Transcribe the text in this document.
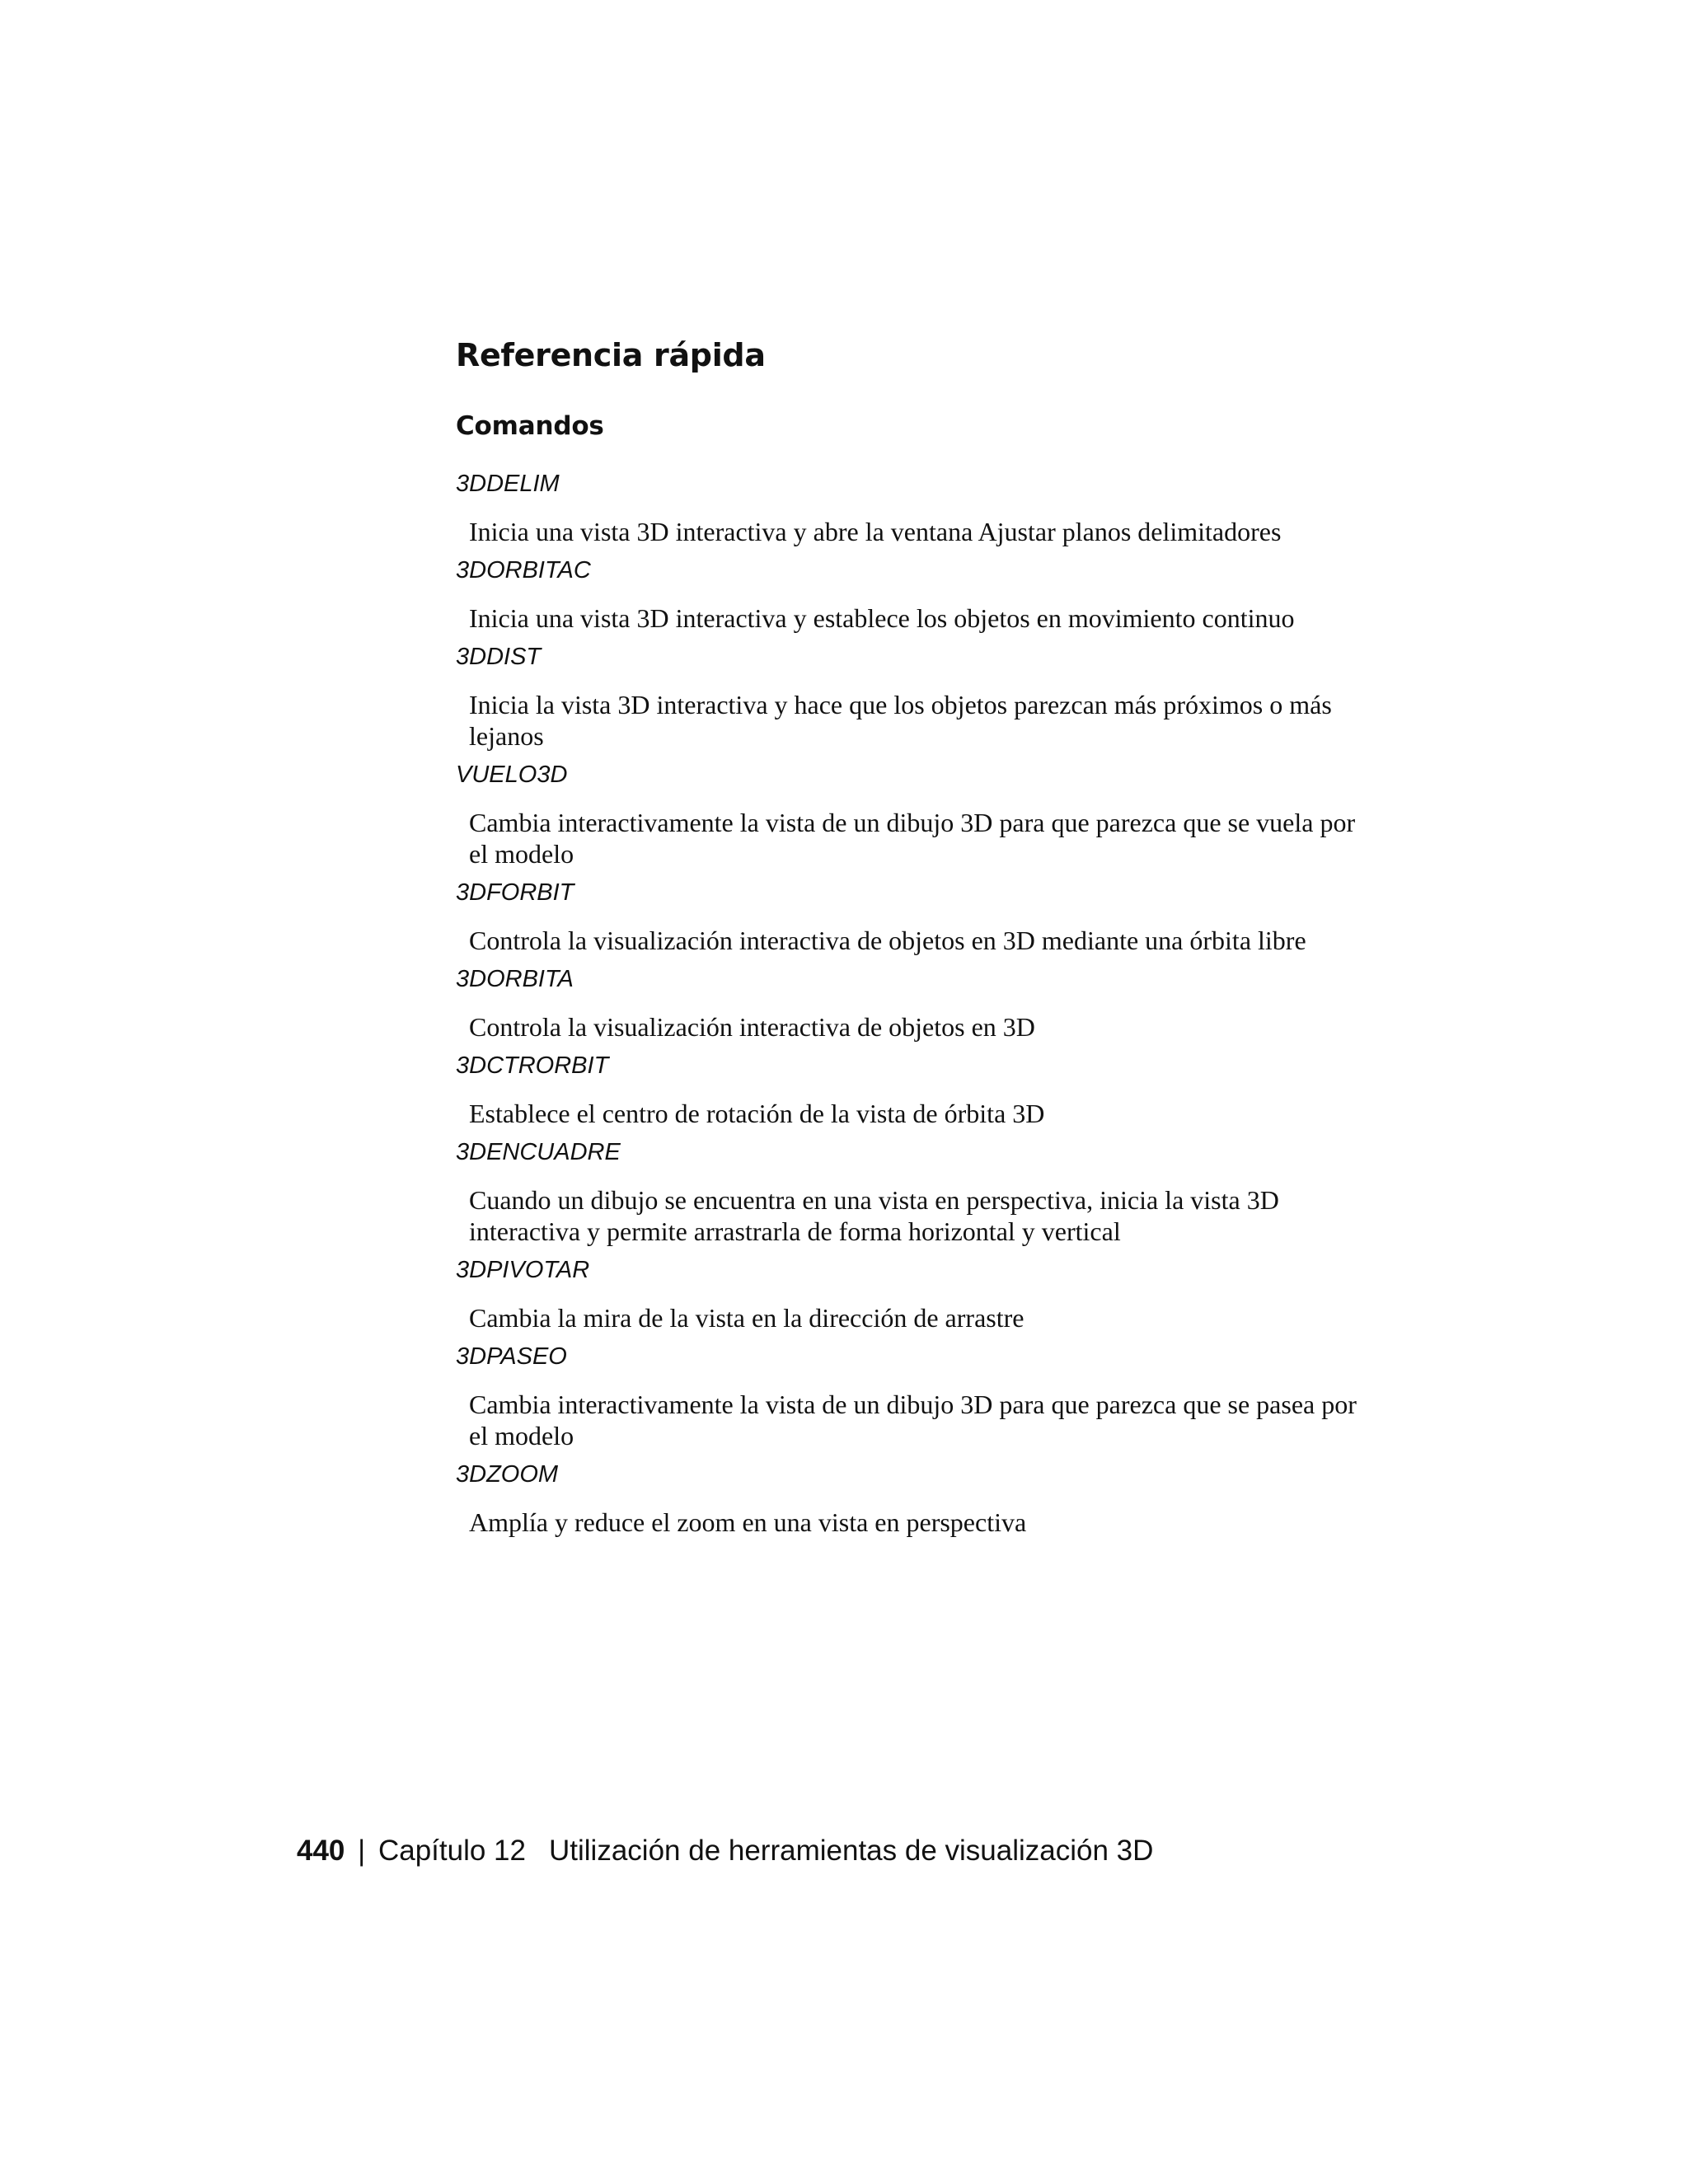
Referencia rápida
Comandos
3DDELIM
Inicia una vista 3D interactiva y abre la ventana Ajustar planos delimitadores
3DORBITAC
Inicia una vista 3D interactiva y establece los objetos en movimiento continuo
3DDIST
Inicia la vista 3D interactiva y hace que los objetos parezcan más próximos o más lejanos
VUELO3D
Cambia interactivamente la vista de un dibujo 3D para que parezca que se vuela por el modelo
3DFORBIT
Controla la visualización interactiva de objetos en 3D mediante una órbita libre
3DORBITA
Controla la visualización interactiva de objetos en 3D
3DCTRORBIT
Establece el centro de rotación de la vista de órbita 3D
3DENCUADRE
Cuando un dibujo se encuentra en una vista en perspectiva, inicia la vista 3D interactiva y permite arrastrarla de forma horizontal y vertical
3DPIVOTAR
Cambia la mira de la vista en la dirección de arrastre
3DPASEO
Cambia interactivamente la vista de un dibujo 3D para que parezca que se pasea por el modelo
3DZOOM
Amplía y reduce el zoom en una vista en perspectiva
440 | Capítulo 12 Utilización de herramientas de visualización 3D
